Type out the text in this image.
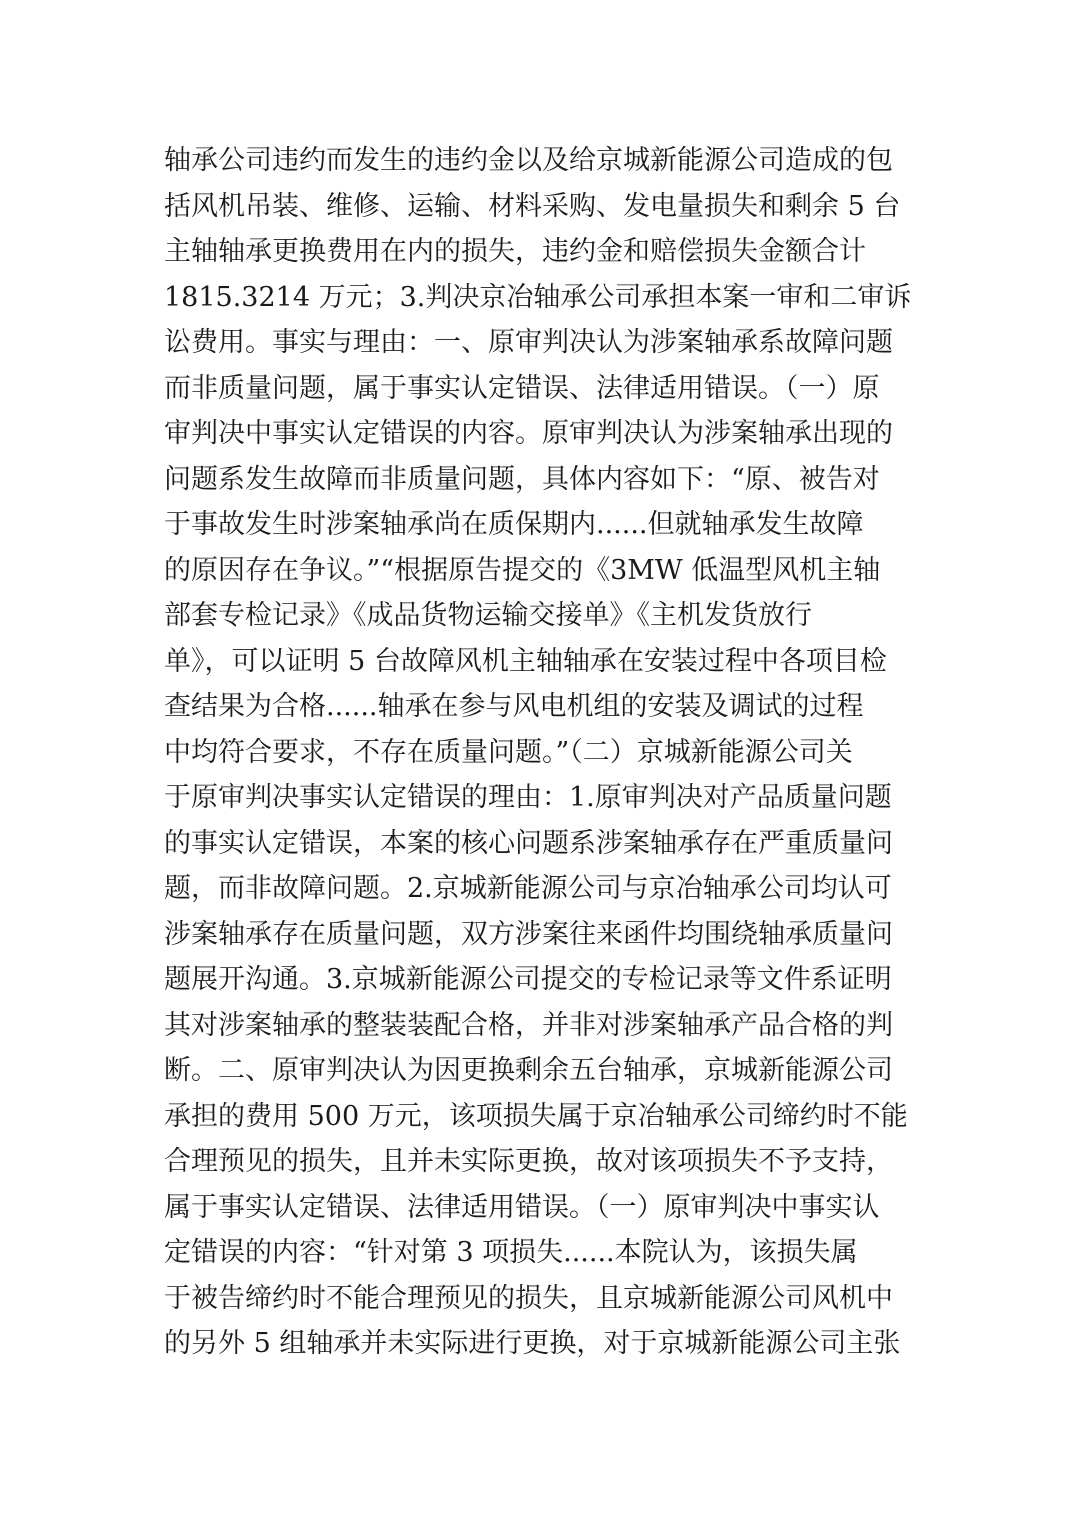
轴承公司违约而发生的违约金以及给京城新能源公司造成的包
括风机吊装、维修、运输、材料采购、发电量损失和剩余 5 台
主轴轴承更换费用在内的损失，违约金和赔偿损失金额合计
1815.3214 万元；3.判决京冶轴承公司承担本案一审和二审诉
讼费用。事实与理由：一、原审判决认为涉案轴承系故障问题
而非质量问题，属于事实认定错误、法律适用错误。（一）原
审判决中事实认定错误的内容。原审判决认为涉案轴承出现的
问题系发生故障而非质量问题，具体内容如下：“原、被告对
于事故发生时涉案轴承尚在质保期内......但就轴承发生故障
的原因存在争议。”“根据原告提交的《3MW 低温型风机主轴
部套专检记录》《成品货物运输交接单》《主机发货放行
单》，可以证明 5 台故障风机主轴轴承在安装过程中各项目检
查结果为合格......轴承在参与风电机组的安装及调试的过程
中均符合要求，不存在质量问题。”（二）京城新能源公司关
于原审判决事实认定错误的理由：1.原审判决对产品质量问题
的事实认定错误，本案的核心问题系涉案轴承存在严重质量问
题，而非故障问题。2.京城新能源公司与京冶轴承公司均认可
涉案轴承存在质量问题，双方涉案往来函件均围绕轴承质量问
题展开沟通。3.京城新能源公司提交的专检记录等文件系证明
其对涉案轴承的整装装配合格，并非对涉案轴承产品合格的判
断。二、原审判决认为因更换剩余五台轴承，京城新能源公司
承担的费用 500 万元，该项损失属于京冶轴承公司缔约时不能
合理预见的损失，且并未实际更换，故对该项损失不予支持，
属于事实认定错误、法律适用错误。（一）原审判决中事实认
定错误的内容：“针对第 3 项损失......本院认为，该损失属
于被告缔约时不能合理预见的损失，且京城新能源公司风机中
的另外 5 组轴承并未实际进行更换，对于京城新能源公司主张
